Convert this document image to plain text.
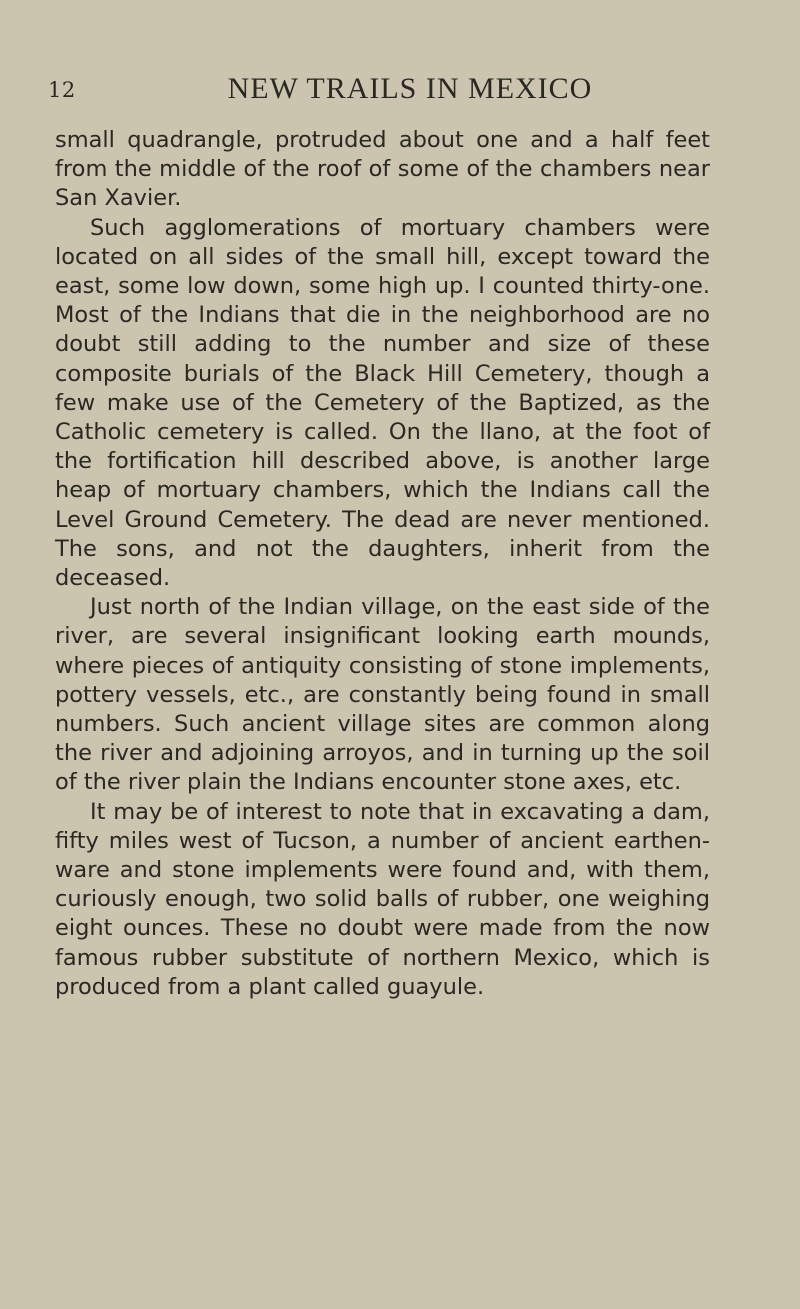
12	NEW TRAILS IN MEXICO

small quadrangle, protruded about one and a half feet from the middle of the roof of some of the chambers near San Xavier.

Such agglomerations of mortuary chambers were located on all sides of the small hill, except toward the east, some low down, some high up. I counted thirty-one. Most of the Indians that die in the neighborhood are no doubt still adding to the number and size of these composite burials of the Black Hill Cemetery, though a few make use of the Cemetery of the Baptized, as the Catholic cemetery is called. On the llano, at the foot of the fortification hill described above, is another large heap of mortuary chambers, which the Indians call the Level Ground Cemetery. The dead are never mentioned. The sons, and not the daughters, inherit from the deceased.

Just north of the Indian village, on the east side of the river, are several insignificant looking earth mounds, where pieces of antiquity consisting of stone implements, pottery vessels, etc., are constantly being found in small numbers. Such ancient village sites are common along the river and adjoining arroyos, and in turning up the soil of the river plain the Indians encounter stone axes, etc.

It may be of interest to note that in excavating a dam, fifty miles west of Tucson, a number of ancient earthen-ware and stone implements were found and, with them, curiously enough, two solid balls of rubber, one weighing eight ounces. These no doubt were made from the now famous rubber substitute of northern Mexico, which is produced from a plant called guayule.
